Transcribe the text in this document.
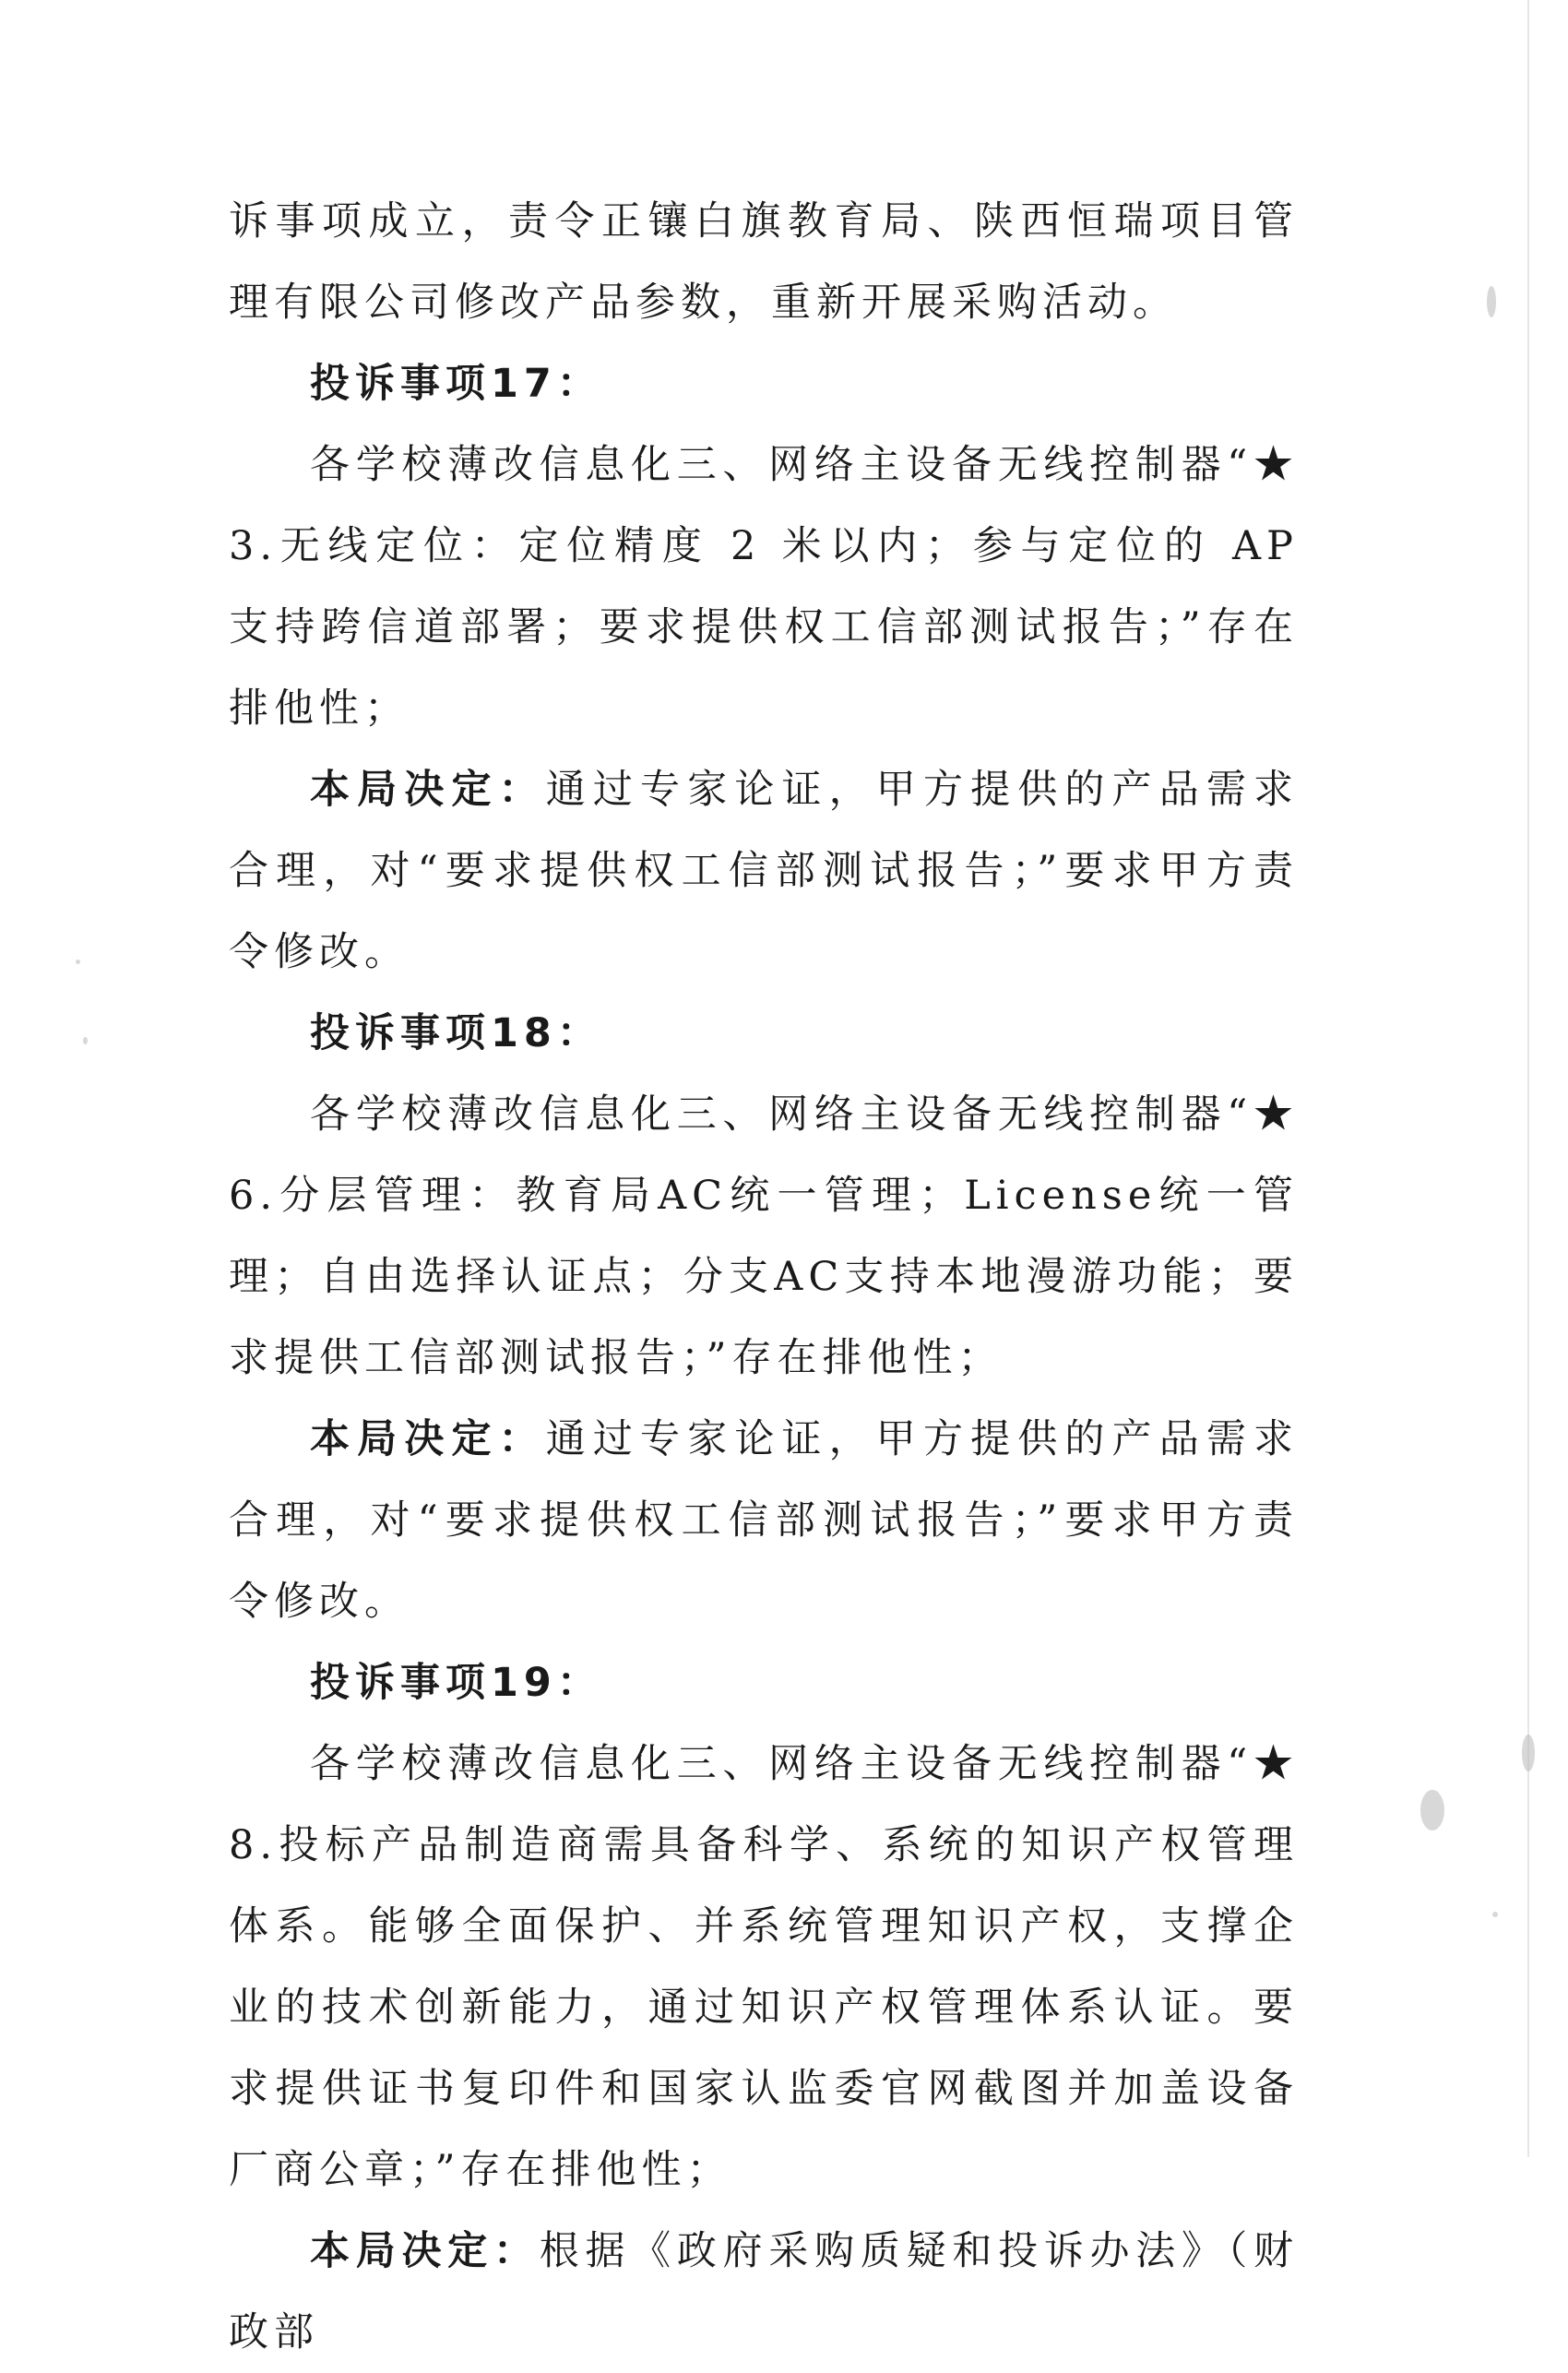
诉事项成立，责令正镶白旗教育局、陕西恒瑞项目管理有限公司修改产品参数，重新开展采购活动。

投诉事项17：

各学校薄改信息化三、网络主设备无线控制器“★3.无线定位：定位精度 2 米以内；参与定位的 AP 支持跨信道部署；要求提供权工信部测试报告；”存在排他性；

本局决定：通过专家论证，甲方提供的产品需求合理，对“要求提供权工信部测试报告；”要求甲方责令修改。

投诉事项18：

各学校薄改信息化三、网络主设备无线控制器“★6.分层管理：教育局AC统一管理；License统一管理；自由选择认证点；分支AC支持本地漫游功能；要求提供工信部测试报告；”存在排他性；

本局决定：通过专家论证，甲方提供的产品需求合理，对“要求提供权工信部测试报告；”要求甲方责令修改。

投诉事项19：

各学校薄改信息化三、网络主设备无线控制器“★8.投标产品制造商需具备科学、系统的知识产权管理体系。能够全面保护、并系统管理知识产权，支撑企业的技术创新能力，通过知识产权管理体系认证。要求提供证书复印件和国家认监委官网截图并加盖设备厂商公章；”存在排他性；

本局决定：根据《政府采购质疑和投诉办法》（财政部
